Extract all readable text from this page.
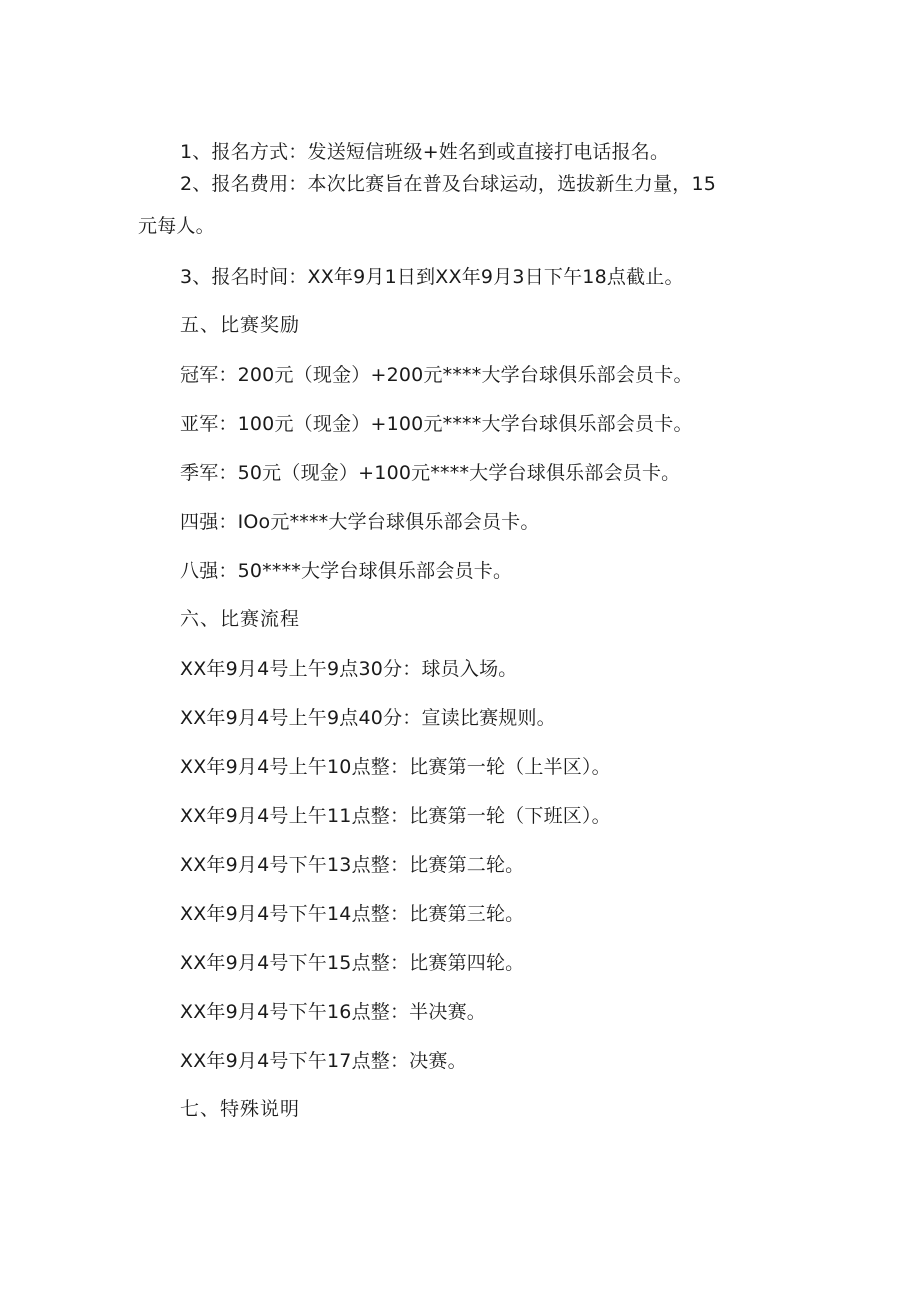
1、报名方式：发送短信班级+姓名到或直接打电话报名。
2、报名费用：本次比赛旨在普及台球运动，选拔新生力量，15
元每人。
3、报名时间：XX年9月1日到XX年9月3日下午18点截止。
五、比赛奖励
冠军：200元（现金）+200元****大学台球俱乐部会员卡。
亚军：100元（现金）+100元****大学台球俱乐部会员卡。
季军：50元（现金）+100元****大学台球俱乐部会员卡。
四强：IOo元****大学台球俱乐部会员卡。
八强：50****大学台球俱乐部会员卡。
六、比赛流程
XX年9月4号上午9点30分：球员入场。
XX年9月4号上午9点40分：宣读比赛规则。
XX年9月4号上午10点整：比赛第一轮（上半区）。
XX年9月4号上午11点整：比赛第一轮（下班区）。
XX年9月4号下午13点整：比赛第二轮。
XX年9月4号下午14点整：比赛第三轮。
XX年9月4号下午15点整：比赛第四轮。
XX年9月4号下午16点整：半决赛。
XX年9月4号下午17点整：决赛。
七、特殊说明
